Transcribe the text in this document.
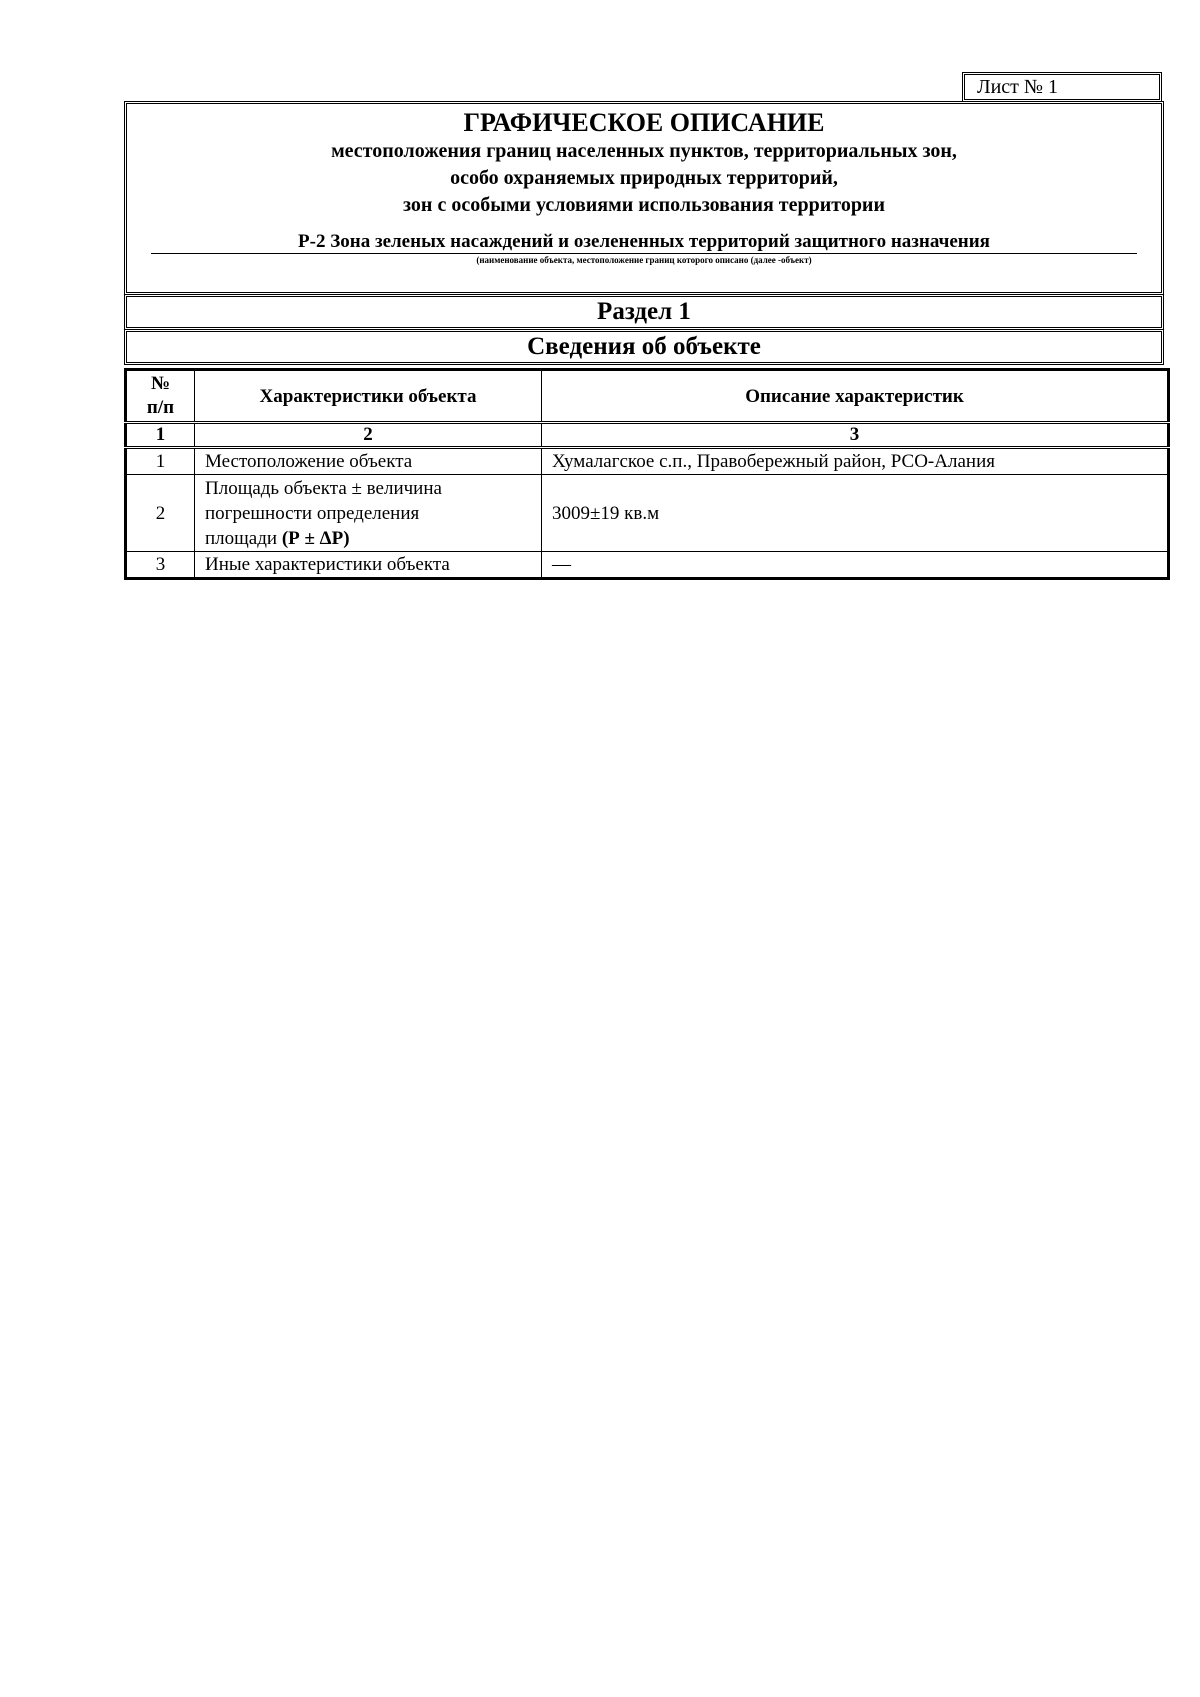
Лист № 1
ГРАФИЧЕСКОЕ ОПИСАНИЕ
местоположения границ населенных пунктов, территориальных зон,
особо охраняемых природных территорий,
зон с особыми условиями использования территории
Р-2 Зона зеленых насаждений и озелененных территорий защитного назначения
(наименование объекта, местоположение границ которого описано (далее -объект)
Раздел 1
Сведения об объекте
№
п/п	Характеристики объекта	Описание характеристик
1	2	3
1	Местоположение объекта	Хумалагское с.п., Правобережный район, РСО-Алания
2	Площадь объекта ± величина
погрешности определения
площади (Р ± ΔР)	3009±19 кв.м
3	Иные характеристики объекта	—
